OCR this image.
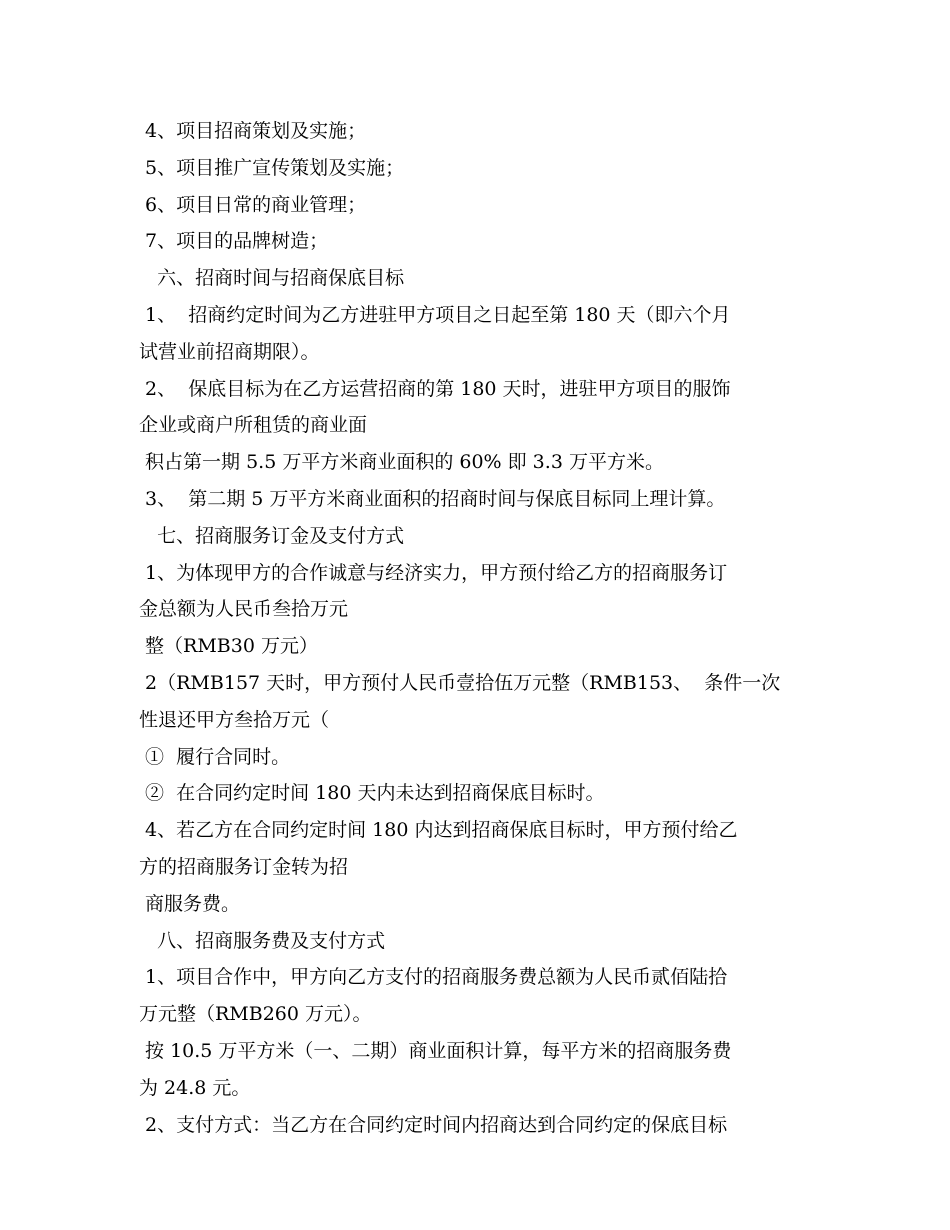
4、项目招商策划及实施；
5、项目推广宣传策划及实施；
6、项目日常的商业管理；
7、项目的品牌树造；
六、招商时间与招商保底目标
1、  招商约定时间为乙方进驻甲方项目之日起至第 180 天（即六个月
试营业前招商期限）。
2、  保底目标为在乙方运营招商的第 180 天时，进驻甲方项目的服饰
企业或商户所租赁的商业面
积占第一期 5.5 万平方米商业面积的 60% 即 3.3 万平方米。
3、  第二期 5 万平方米商业面积的招商时间与保底目标同上理计算。
七、招商服务订金及支付方式
1、为体现甲方的合作诚意与经济实力，甲方预付给乙方的招商服务订
金总额为人民币叁拾万元
整（RMB30 万元）
2（RMB157 天时，甲方预付人民币壹拾伍万元整（RMB153、  条件一次
性退还甲方叁拾万元（
①  履行合同时。
②  在合同约定时间 180 天内未达到招商保底目标时。
4、若乙方在合同约定时间 180 内达到招商保底目标时，甲方预付给乙
方的招商服务订金转为招
商服务费。
八、招商服务费及支付方式
1、项目合作中，甲方向乙方支付的招商服务费总额为人民币贰佰陆拾
万元整（RMB260 万元）。
按 10.5 万平方米（一、二期）商业面积计算，每平方米的招商服务费
为 24.8 元。
2、支付方式：当乙方在合同约定时间内招商达到合同约定的保底目标
